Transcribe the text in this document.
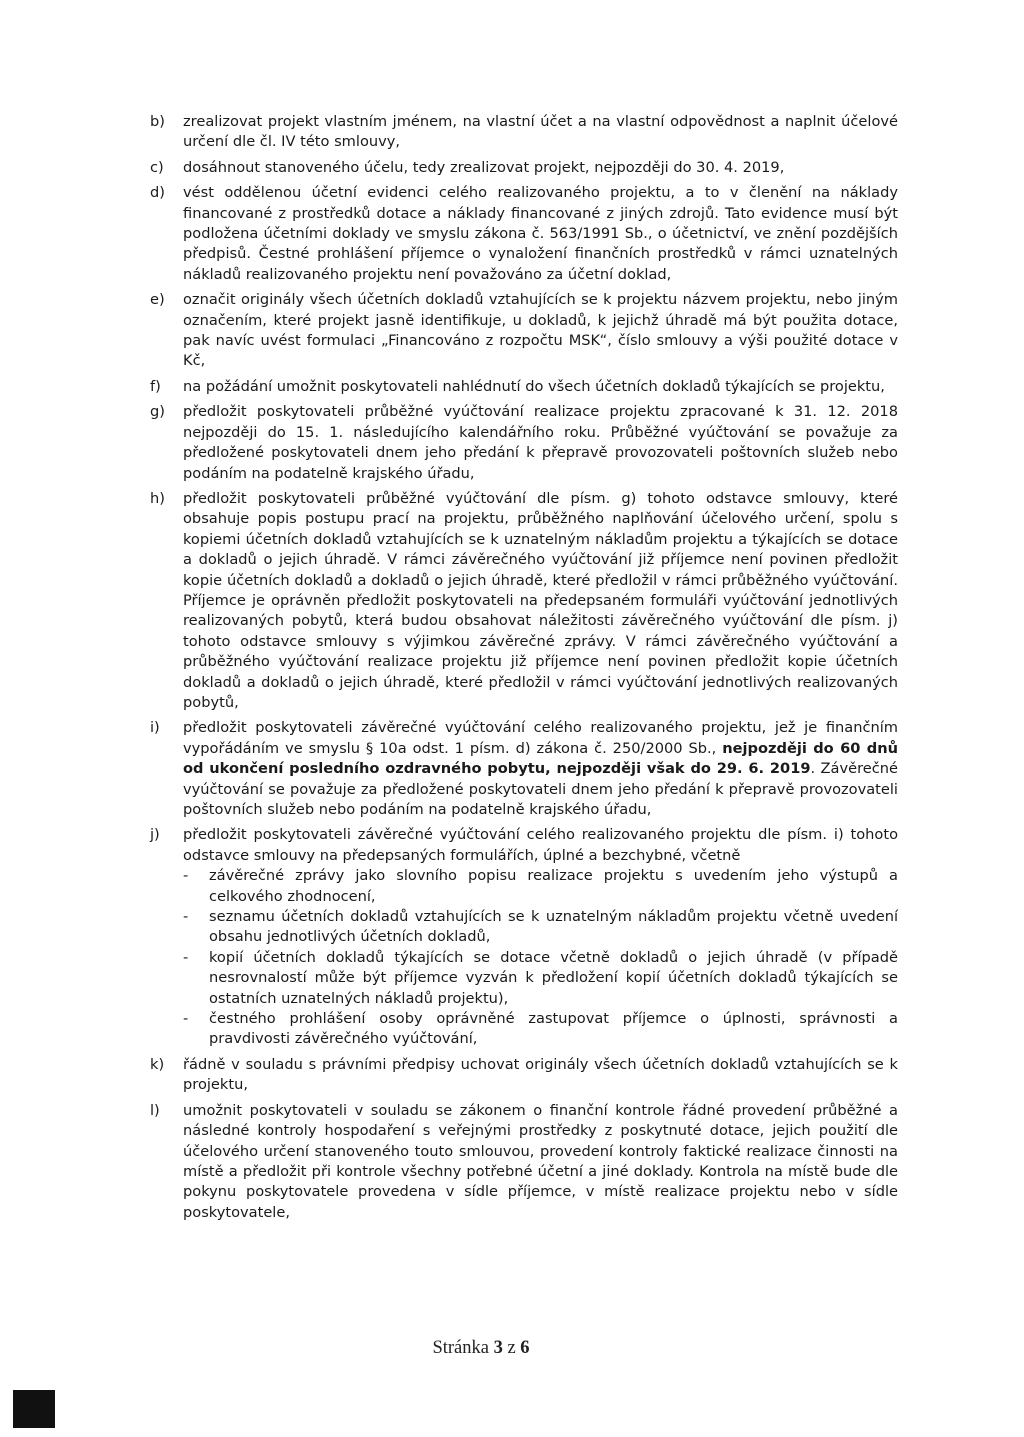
b)	zrealizovat projekt vlastním jménem, na vlastní účet a na vlastní odpovědnost a naplnit účelové určení dle čl. IV této smlouvy,
c)	dosáhnout stanoveného účelu, tedy zrealizovat projekt, nejpozději do 30. 4. 2019,
d)	vést oddělenou účetní evidenci celého realizovaného projektu, a to v členění na náklady financované z prostředků dotace a náklady financované z jiných zdrojů. Tato evidence musí být podložena účetními doklady ve smyslu zákona č. 563/1991 Sb., o účetnictví, ve znění pozdějších předpisů. Čestné prohlášení příjemce o vynaložení finančních prostředků v rámci uznatelných nákladů realizovaného projektu není považováno za účetní doklad,
e)	označit originály všech účetních dokladů vztahujících se k projektu názvem projektu, nebo jiným označením, které projekt jasně identifikuje, u dokladů, k jejichž úhradě má být použita dotace, pak navíc uvést formulaci „Financováno z rozpočtu MSK“, číslo smlouvy a výši použité dotace v Kč,
f)	na požádání umožnit poskytovateli nahlédnutí do všech účetních dokladů týkajících se projektu,
g)	předložit poskytovateli průběžné vyúčtování realizace projektu zpracované k 31. 12. 2018 nejpozději do 15. 1. následujícího kalendářního roku. Průběžné vyúčtování se považuje za předložené poskytovateli dnem jeho předání k přepravě provozovateli poštovních služeb nebo podáním na podatelně krajského úřadu,
h)	předložit poskytovateli průběžné vyúčtování dle písm. g) tohoto odstavce smlouvy, které obsahuje popis postupu prací na projektu, průběžného naplňování účelového určení, spolu s kopiemi účetních dokladů vztahujících se k uznatelným nákladům projektu a týkajících se dotace a dokladů o jejich úhradě. V rámci závěrečného vyúčtování již příjemce není povinen předložit kopie účetních dokladů a dokladů o jejich úhradě, které předložil v rámci průběžného vyúčtování. Příjemce je oprávněn předložit poskytovateli na předepsaném formuláři vyúčtování jednotlivých realizovaných pobytů, která budou obsahovat náležitosti závěrečného vyúčtování dle písm. j) tohoto odstavce smlouvy s výjimkou závěrečné zprávy. V rámci závěrečného vyúčtování a průběžného vyúčtování realizace projektu již příjemce není povinen předložit kopie účetních dokladů a dokladů o jejich úhradě, které předložil v rámci vyúčtování jednotlivých realizovaných pobytů,
i)	předložit poskytovateli závěrečné vyúčtování celého realizovaného projektu, jež je finančním vypořádáním ve smyslu § 10a odst. 1 písm. d) zákona č. 250/2000 Sb., nejpozději do 60 dnů od ukončení posledního ozdravného pobytu, nejpozději však do 29. 6. 2019. Závěrečné vyúčtování se považuje za předložené poskytovateli dnem jeho předání k přepravě provozovateli poštovních služeb nebo podáním na podatelně krajského úřadu,
j)	předložit poskytovateli závěrečné vyúčtování celého realizovaného projektu dle písm. i) tohoto odstavce smlouvy na předepsaných formulářích, úplné a bezchybné, včetně
- závěrečné zprávy jako slovního popisu realizace projektu s uvedením jeho výstupů a celkového zhodnocení,
- seznamu účetních dokladů vztahujících se k uznatelným nákladům projektu včetně uvedení obsahu jednotlivých účetních dokladů,
- kopií účetních dokladů týkajících se dotace včetně dokladů o jejich úhradě (v případě nesrovnalostí může být příjemce vyzván k předložení kopií účetních dokladů týkajících se ostatních uznatelných nákladů projektu),
- čestného prohlášení osoby oprávněné zastupovat příjemce o úplnosti, správnosti a pravdivosti závěrečného vyúčtování,
k)	řádně v souladu s právními předpisy uchovat originály všech účetních dokladů vztahujících se k projektu,
l)	umožnit poskytovateli v souladu se zákonem o finanční kontrole řádné provedení průběžné a následné kontroly hospodaření s veřejnými prostředky z poskytnuté dotace, jejich použití dle účelového určení stanoveného touto smlouvou, provedení kontroly faktické realizace činnosti na místě a předložit při kontrole všechny potřebné účetní a jiné doklady. Kontrola na místě bude dle pokynu poskytovatele provedena v sídle příjemce, v místě realizace projektu nebo v sídle poskytovatele,
Stránka 3 z 6
